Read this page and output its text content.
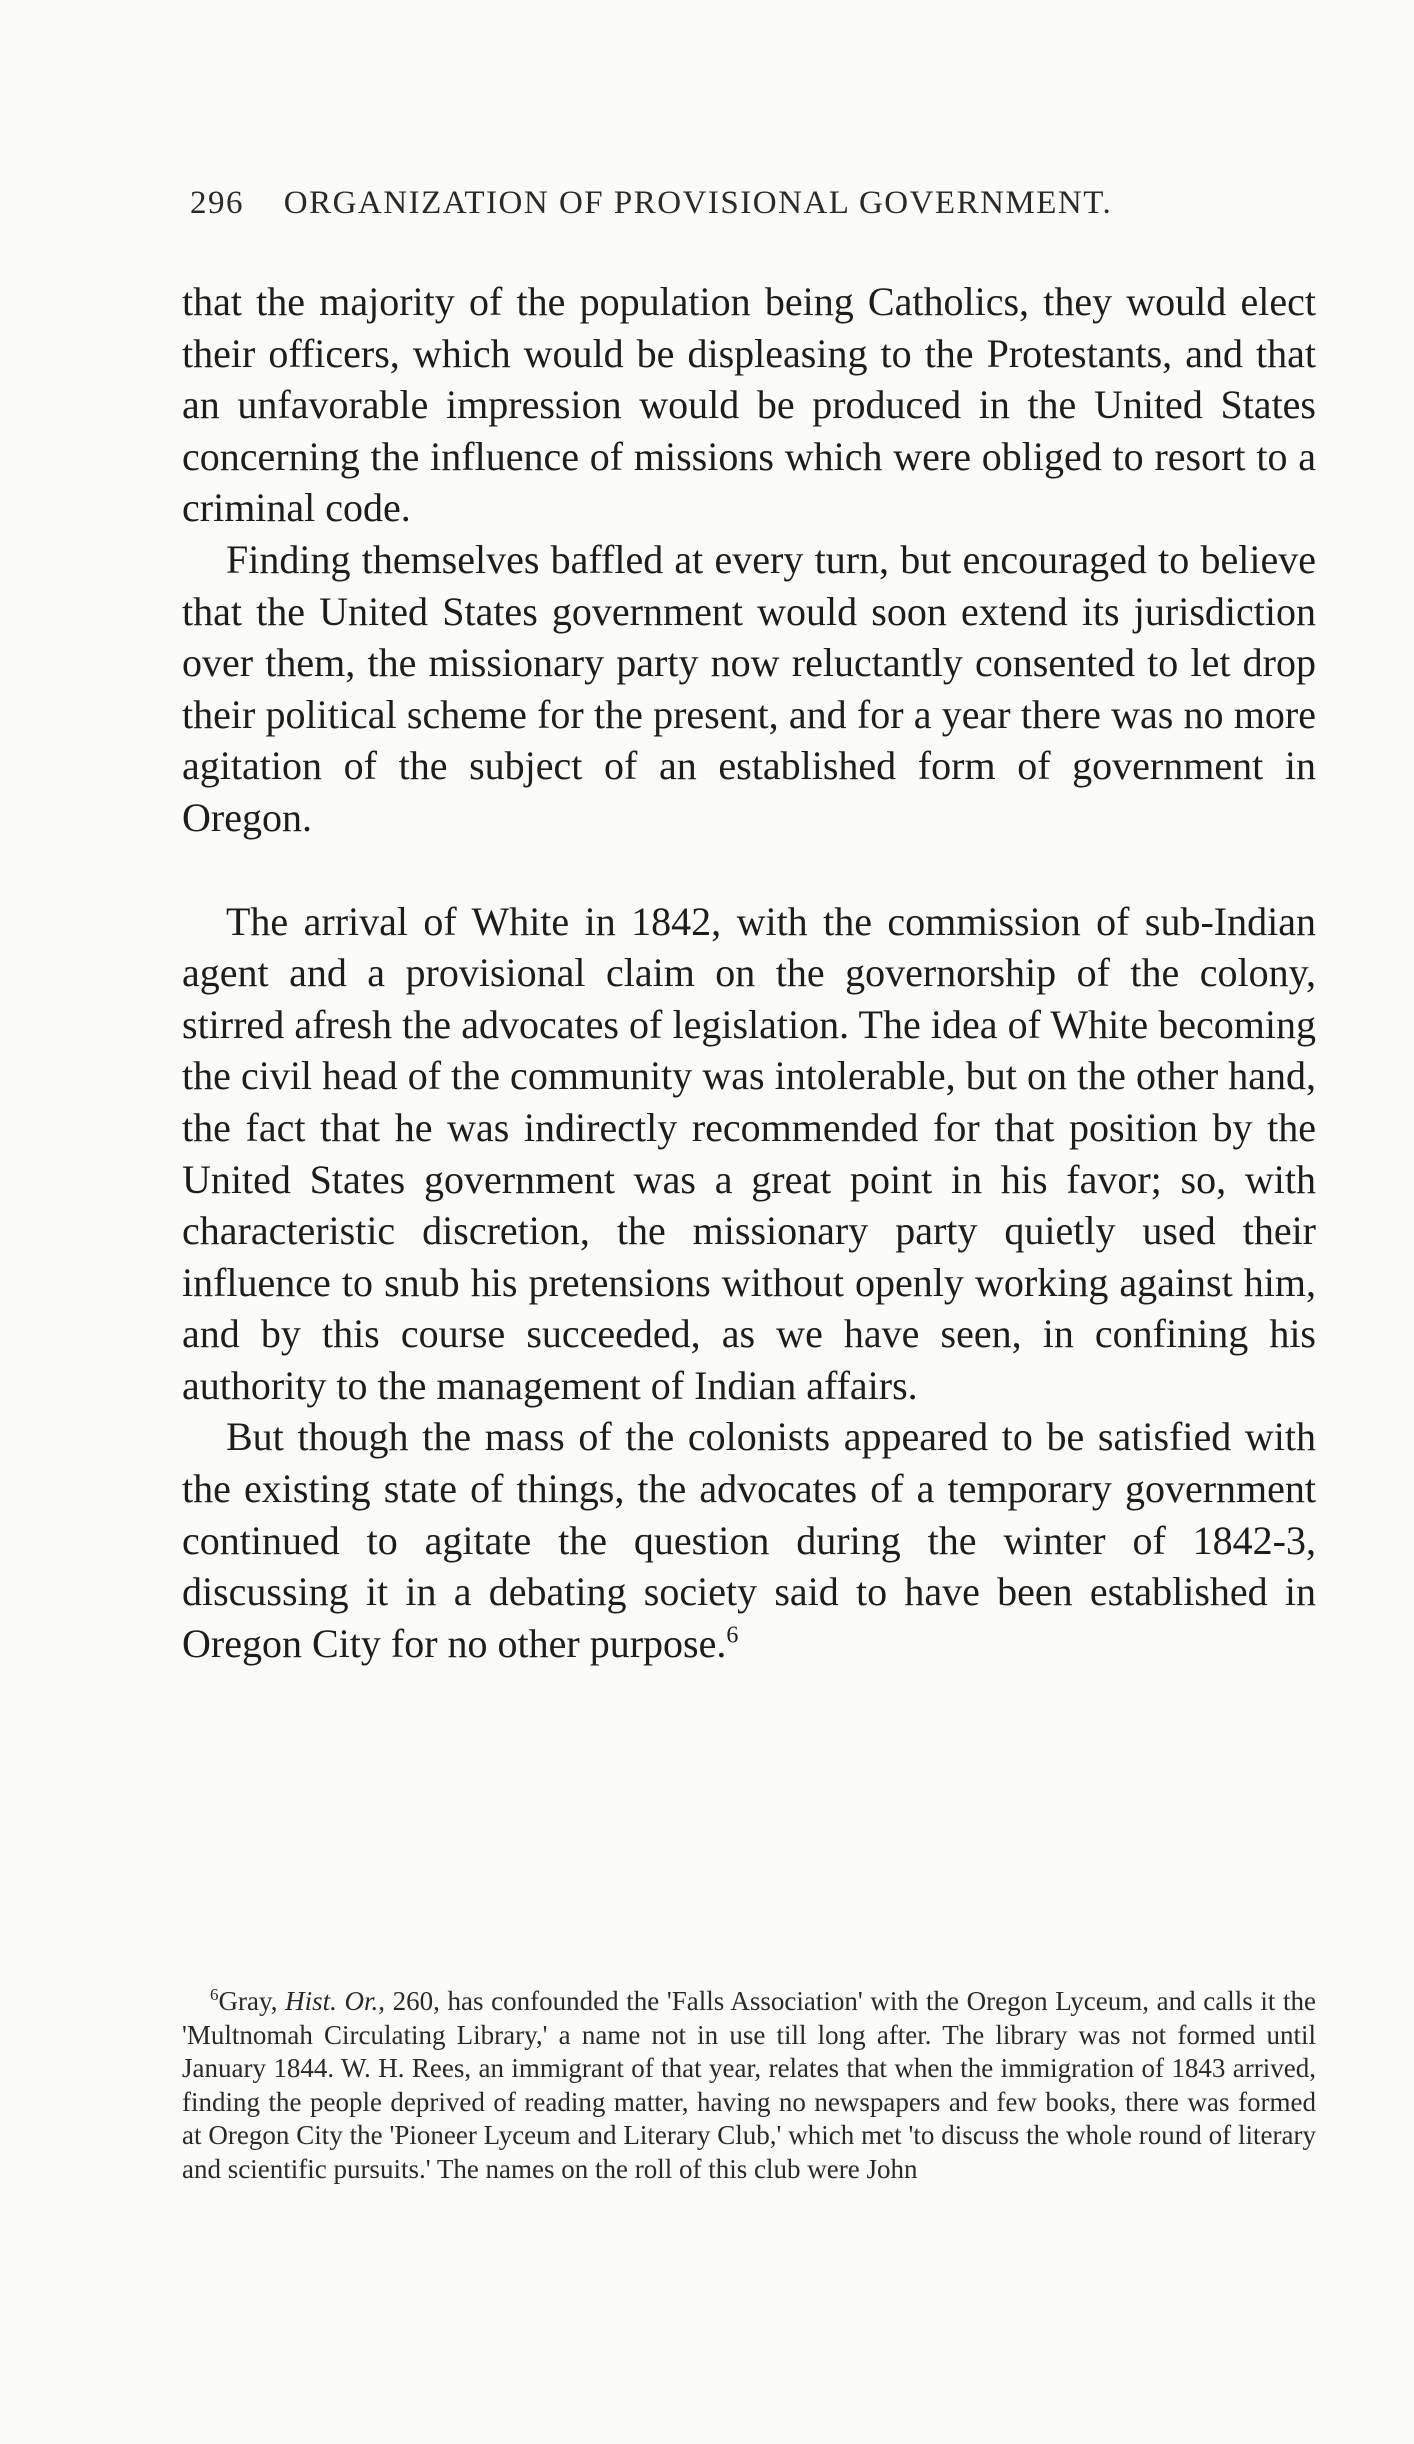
296 ORGANIZATION OF PROVISIONAL GOVERNMENT.

that the majority of the population being Catholics, they would elect their officers, which would be displeasing to the Protestants, and that an unfavorable impression would be produced in the United States concerning the influence of missions which were obliged to resort to a criminal code.

Finding themselves baffled at every turn, but encouraged to believe that the United States government would soon extend its jurisdiction over them, the missionary party now reluctantly consented to let drop their political scheme for the present, and for a year there was no more agitation of the subject of an established form of government in Oregon.

The arrival of White in 1842, with the commission of sub-Indian agent and a provisional claim on the governorship of the colony, stirred afresh the advocates of legislation. The idea of White becoming the civil head of the community was intolerable, but on the other hand, the fact that he was indirectly recommended for that position by the United States government was a great point in his favor; so, with characteristic discretion, the missionary party quietly used their influence to snub his pretensions without openly working against him, and by this course succeeded, as we have seen, in confining his authority to the management of Indian affairs.

But though the mass of the colonists appeared to be satisfied with the existing state of things, the advocates of a temporary government continued to agitate the question during the winter of 1842-3, discussing it in a debating society said to have been established in Oregon City for no other purpose.$^6$

$^6$Gray, Hist. Or., 260, has confounded the 'Falls Association' with the Oregon Lyceum, and calls it the 'Multnomah Circulating Library,' a name not in use till long after. The library was not formed until January 1844. W. H. Rees, an immigrant of that year, relates that when the immigration of 1843 arrived, finding the people deprived of reading matter, having no newspapers and few books, there was formed at Oregon City the 'Pioneer Lyceum and Literary Club,' which met 'to discuss the whole round of literary and scientific pursuits.' The names on the roll of this club were John
